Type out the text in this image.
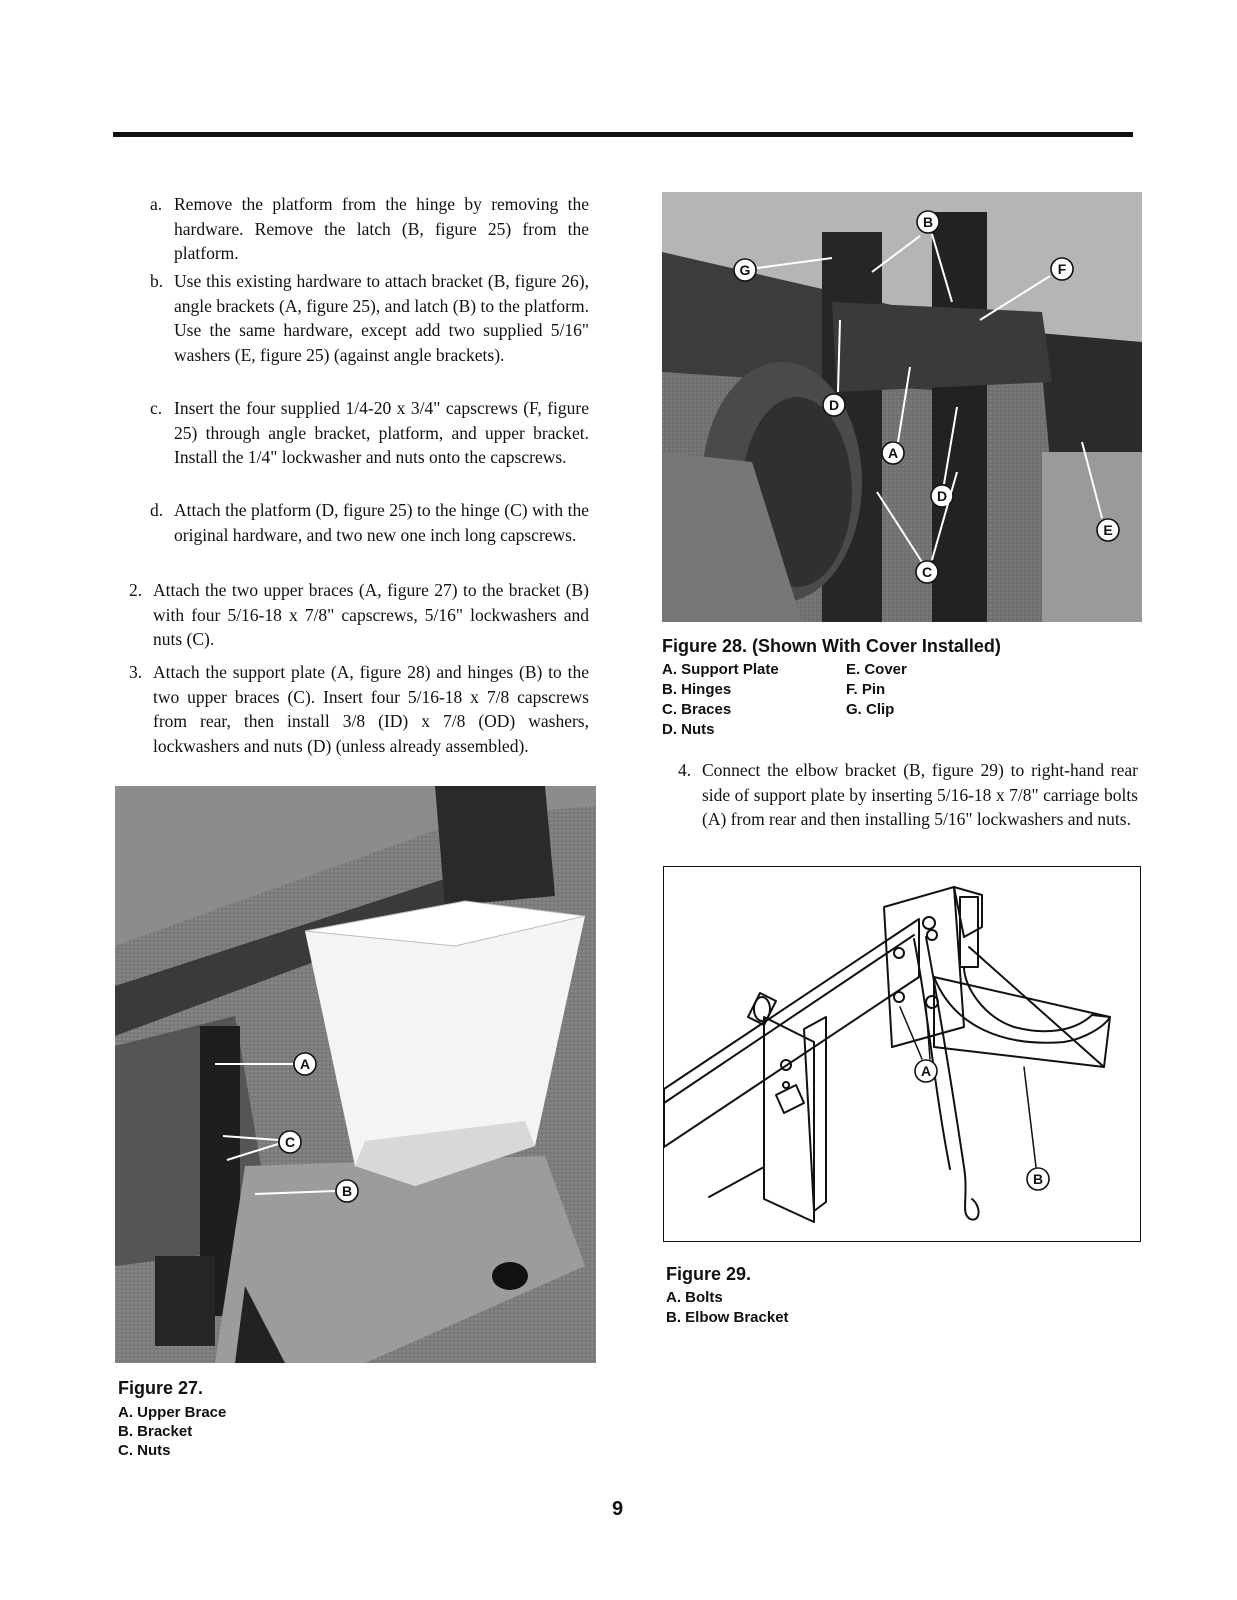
a. Remove the platform from the hinge by removing the hardware. Remove the latch (B, figure 25) from the platform.
b. Use this existing hardware to attach bracket (B, figure 26), angle brackets (A, figure 25), and latch (B) to the platform. Use the same hardware, except add two supplied 5/16" washers (E, figure 25) (against angle brackets).
c. Insert the four supplied 1/4-20 x 3/4" capscrews (F, figure 25) through angle bracket, platform, and upper bracket. Install the 1/4" lockwasher and nuts onto the capscrews.
d. Attach the platform (D, figure 25) to the hinge (C) with the original hardware, and two new one inch long capscrews.
2. Attach the two upper braces (A, figure 27) to the bracket (B) with four 5/16-18 x 7/8" capscrews, 5/16" lockwashers and nuts (C).
3. Attach the support plate (A, figure 28) and hinges (B) to the two upper braces (C). Insert four 5/16-18 x 7/8 capscrews from rear, then install 3/8 (ID) x 7/8 (OD) washers, lockwashers and nuts (D) (unless already assembled).
A
C
B
Figure 27.
A. Upper Brace
B. Bracket
C. Nuts
G
B
F
D
A
D
C
E
Figure 28. (Shown With Cover Installed)
A. Support Plate
B. Hinges
C. Braces
D. Nuts
E. Cover
F. Pin
G. Clip
4. Connect the elbow bracket (B, figure 29) to right-hand rear side of support plate by inserting 5/16-18 x 7/8" carriage bolts (A) from rear and then installing 5/16" lockwashers and nuts.
A
B
Figure 29.
A. Bolts
B. Elbow Bracket
9
